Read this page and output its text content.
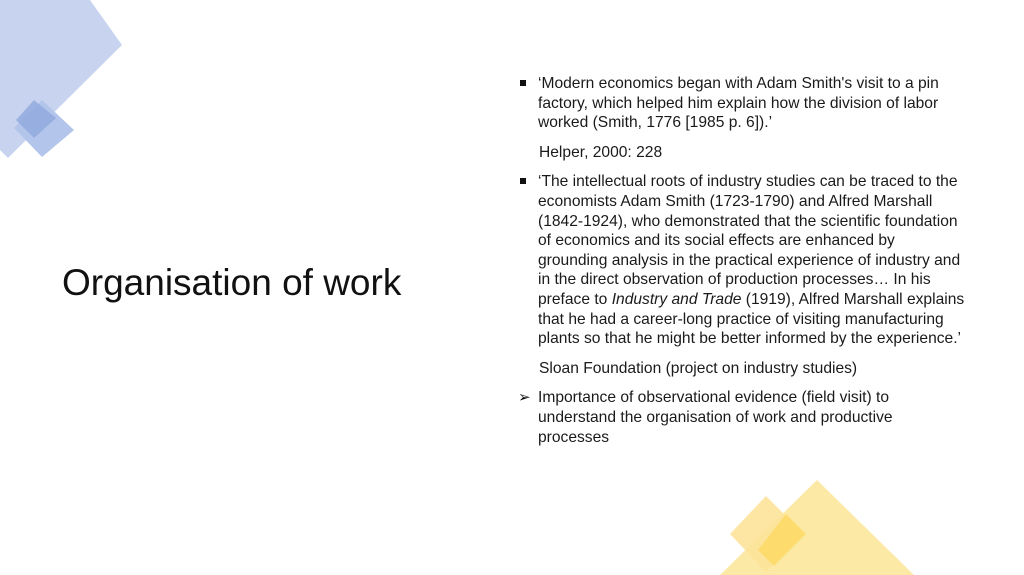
Organisation of work
‘Modern economics began with Adam Smith's visit to a pin factory, which helped him explain how the division of labor worked (Smith, 1776 [1985 p. 6]).’
Helper, 2000: 228
‘The intellectual roots of industry studies can be traced to the economists Adam Smith (1723-1790) and Alfred Marshall (1842-1924), who demonstrated that the scientific foundation of economics and its social effects are enhanced by grounding analysis in the practical experience of industry and in the direct observation of production processes… In his preface to Industry and Trade (1919), Alfred Marshall explains that he had a career-long practice of visiting manufacturing plants so that he might be better informed by the experience.’
Sloan Foundation (project on industry studies)
➢ Importance of observational evidence (field visit) to understand the organisation of work and productive processes
